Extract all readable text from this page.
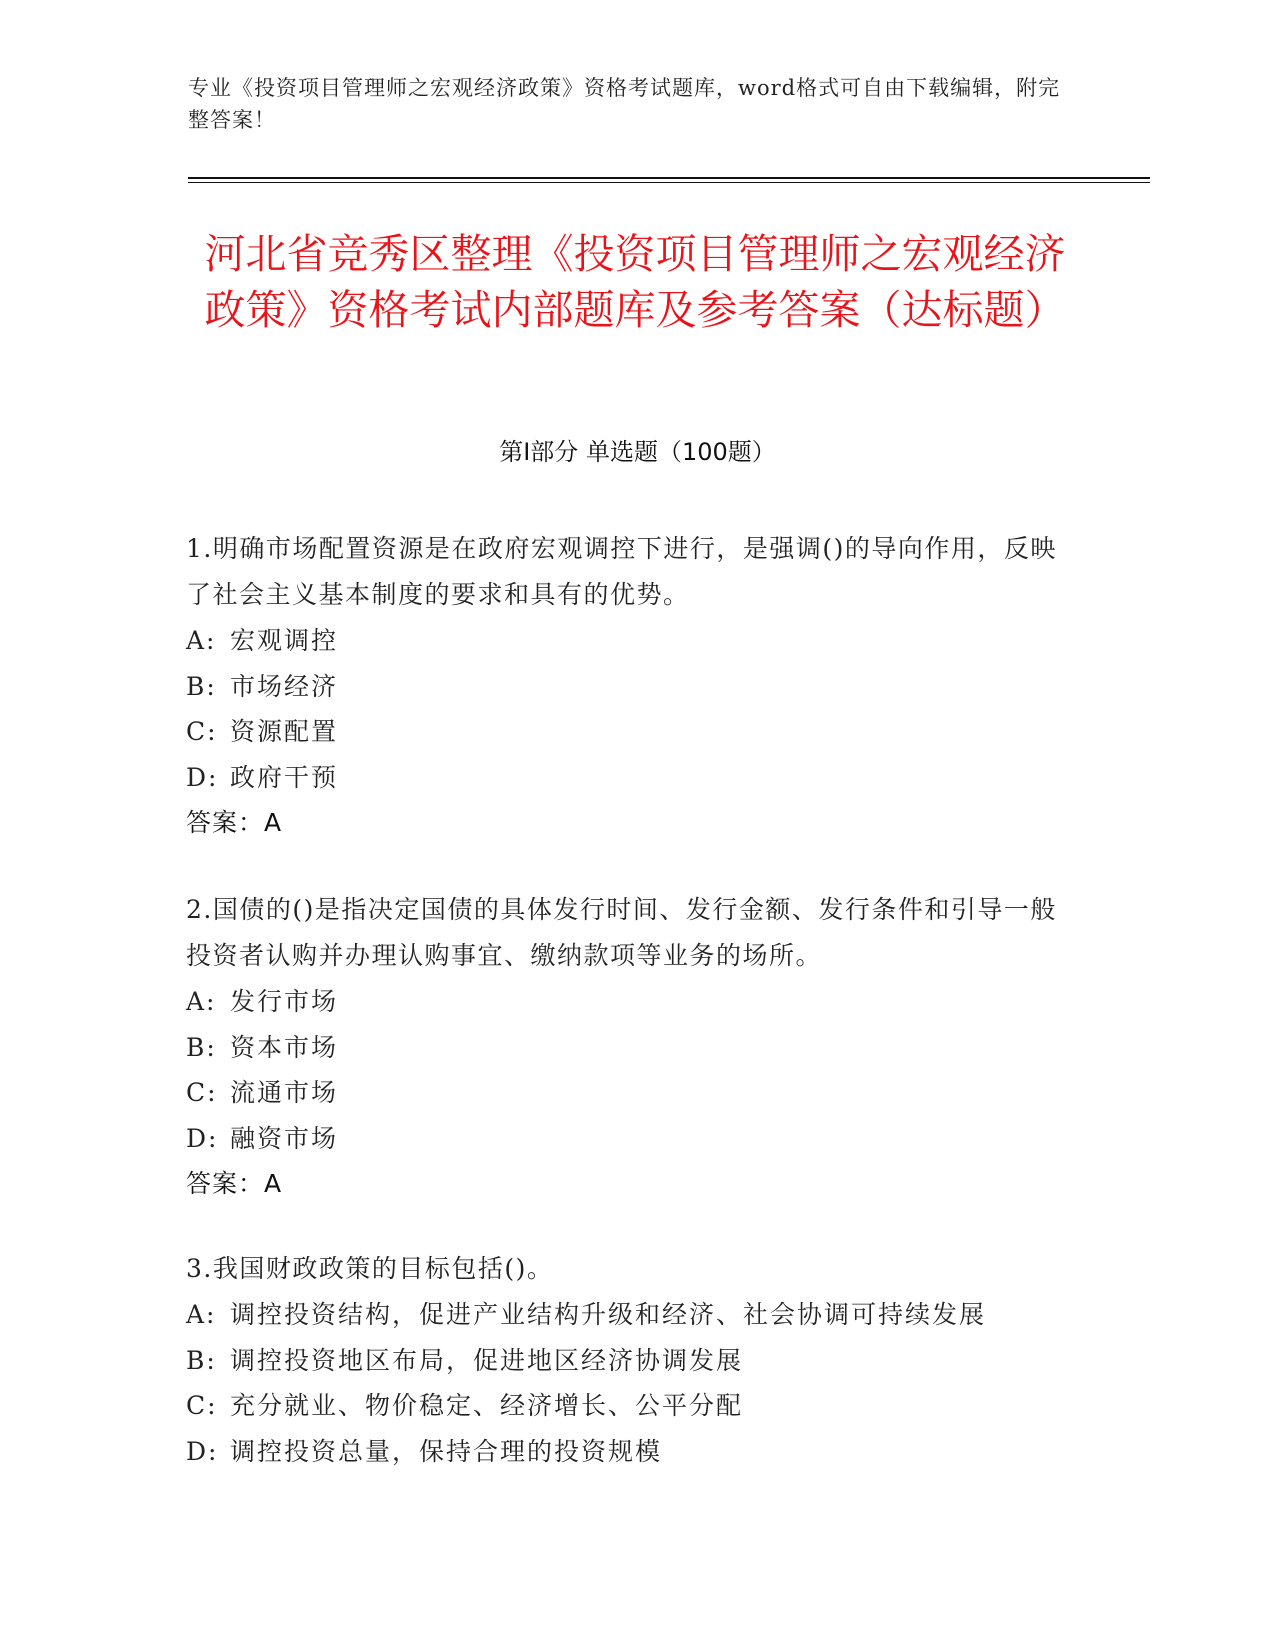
专业《投资项目管理师之宏观经济政策》资格考试题库，word格式可自由下载编辑，附完整答案！
河北省竞秀区整理《投资项目管理师之宏观经济政策》资格考试内部题库及参考答案（达标题）
第Ⅰ部分 单选题（100题）

1.明确市场配置资源是在政府宏观调控下进行，是强调()的导向作用，反映了社会主义基本制度的要求和具有的优势。

A: 宏观调控

B: 市场经济

C: 资源配置

D: 政府干预

答案：A

2.国债的()是指决定国债的具体发行时间、发行金额、发行条件和引导一般投资者认购并办理认购事宜、缴纳款项等业务的场所。

A: 发行市场

B: 资本市场

C: 流通市场

D: 融资市场

答案：A

3.我国财政政策的目标包括()。

A: 调控投资结构，促进产业结构升级和经济、社会协调可持续发展

B: 调控投资地区布局，促进地区经济协调发展

C: 充分就业、物价稳定、经济增长、公平分配

D: 调控投资总量，保持合理的投资规模
